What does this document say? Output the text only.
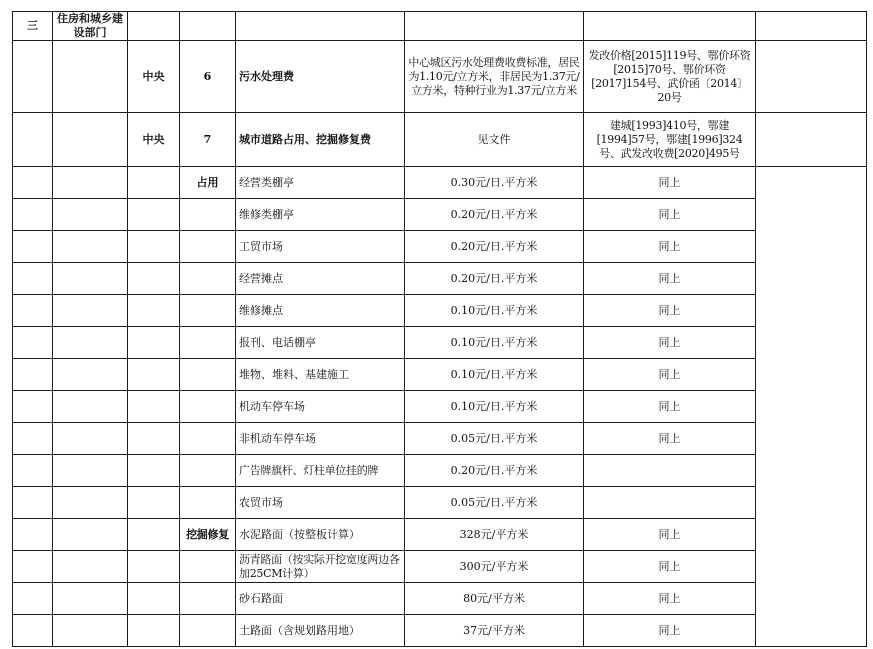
三	住房和城乡建设部门						
		中央	6	污水处理费	中心城区污水处理费收费标准，居民为1.10元/立方米，非居民为1.37元/立方米，特种行业为1.37元/立方米	发改价格[2015]119号、鄂价环资[2015]70号、鄂价环资[2017]154号、武价函〔2014〕20号	
		中央	7	城市道路占用、挖掘修复费	见文件	建城[1993]410号，鄂建[1994]57号，鄂建[1996]324号、武发改收费[2020]495号	
			占用	经营类棚亭	0.30元/日.平方米	同上	
				维修类棚亭	0.20元/日.平方米	同上	
				工贸市场	0.20元/日.平方米	同上	
				经营摊点	0.20元/日.平方米	同上	
				维修摊点	0.10元/日.平方米	同上	
				报刊、电话棚亭	0.10元/日.平方米	同上	
				堆物、堆料、基建施工	0.10元/日.平方米	同上	
				机动车停车场	0.10元/日.平方米	同上	
				非机动车停车场	0.05元/日.平方米	同上	
				广告牌旗杆、灯柱单位挂的牌	0.20元/日.平方米		
				农贸市场	0.05元/日.平方米		
			挖掘修复	水泥路面（按整板计算）	328元/平方米	同上	
				沥青路面（按实际开挖宽度两边各加25CM计算）	300元/平方米	同上	
				砂石路面	80元/平方米	同上	
				土路面（含规划路用地）	37元/平方米	同上	
